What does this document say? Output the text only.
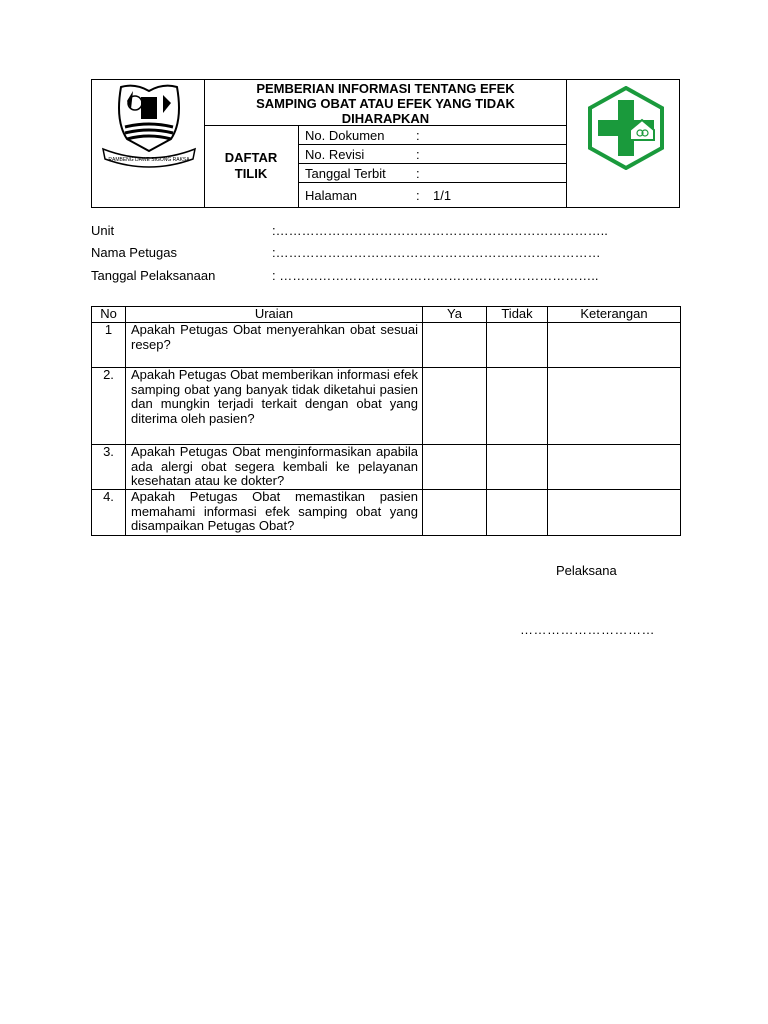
RAMBENG DAWE SIGONG RAKSA
PEMBERIAN INFORMASI TENTANG EFEK SAMPING OBAT ATAU EFEK YANG TIDAK DIHARAPKAN
DAFTAR
TILIK
No. Dokumen :
No. Revisi	:
Tanggal Terbit :
Halaman	: 1/1
Unit	:…………………………………………………………………..
Nama Petugas	:…………………………………………………………………
Tanggal Pelaksanaan	: ………………………………………………………………..
No	Uraian	Ya	Tidak	Keterangan
1	Apakah Petugas Obat menyerahkan obat sesuai resep?			
2.	Apakah Petugas Obat memberikan informasi efek samping obat yang banyak tidak diketahui pasien dan mungkin terjadi terkait dengan obat yang diterima oleh pasien?			
3.	Apakah Petugas Obat menginformasikan apabila ada alergi obat segera kembali ke pelayanan kesehatan atau ke dokter?			
4.	Apakah Petugas Obat memastikan pasien memahami informasi efek samping obat yang disampaikan Petugas Obat?			
Pelaksana
…………………………
